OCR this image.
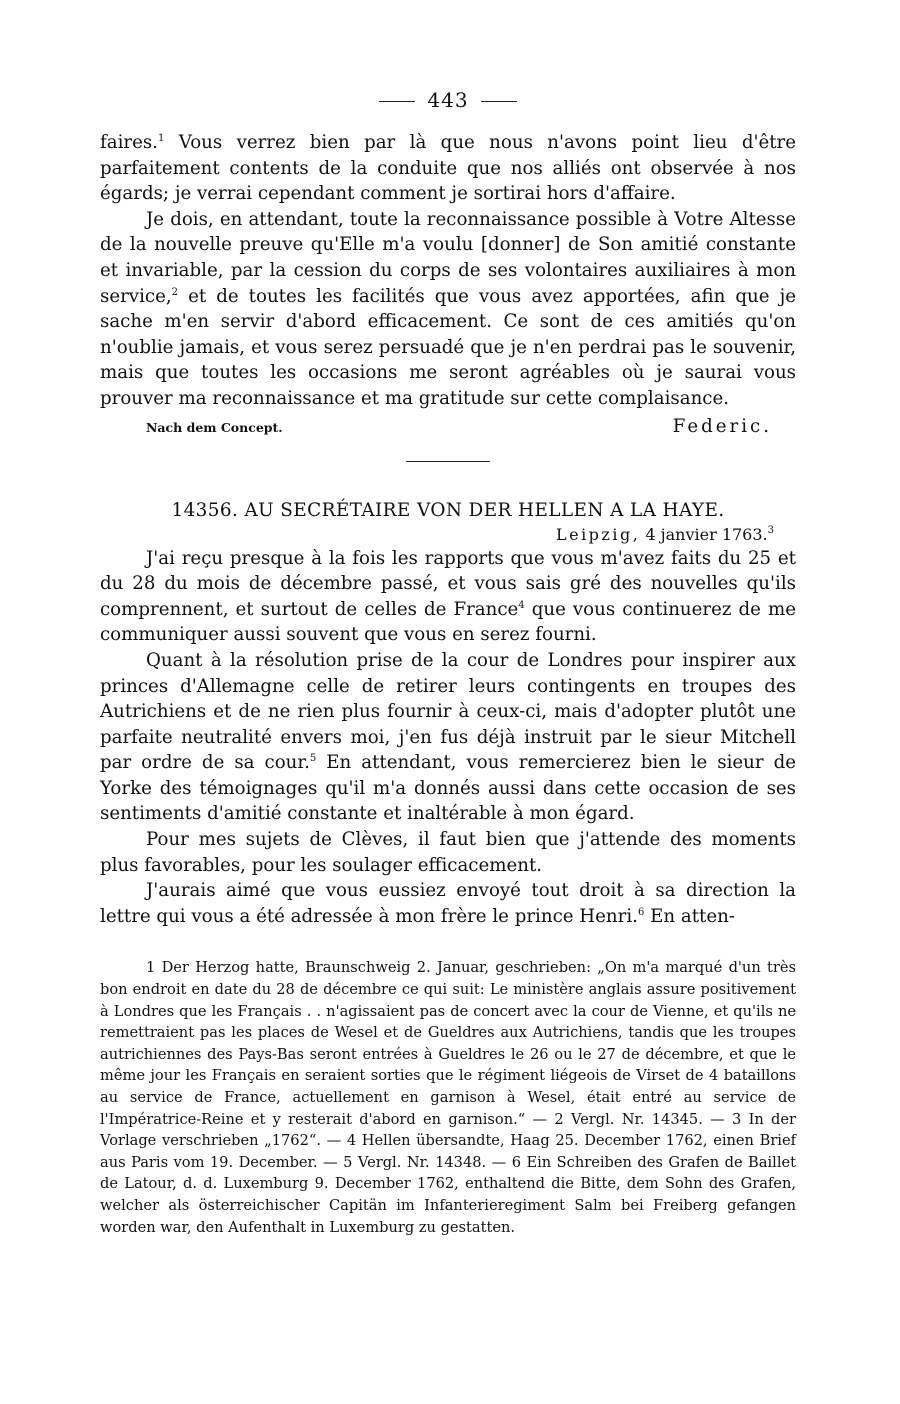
443

faires.$^1$ Vous verrez bien par là que nous n'avons point lieu d'être parfaitement contents de la conduite que nos alliés ont observée à nos égards; je verrai cependant comment je sortirai hors d'affaire.

Je dois, en attendant, toute la reconnaissance possible à Votre Altesse de la nouvelle preuve qu'Elle m'a voulu [donner] de Son amitié constante et invariable, par la cession du corps de ses volontaires auxiliaires à mon service,$^2$ et de toutes les facilités que vous avez apportées, afin que je sache m'en servir d'abord efficacement. Ce sont de ces amitiés qu'on n'oublie jamais, et vous serez persuadé que je n'en perdrai pas le souvenir, mais que toutes les occasions me seront agréables où je saurai vous prouver ma reconnaissance et ma gratitude sur cette complaisance.

Nach dem Concept.	Federic.
14356. AU SECRÉTAIRE VON DER HELLEN A LA HAYE.
Leipzig, 4 janvier 1763.$^3$

J'ai reçu presque à la fois les rapports que vous m'avez faits du 25 et du 28 du mois de décembre passé, et vous sais gré des nouvelles qu'ils comprennent, et surtout de celles de France$^4$ que vous continuerez de me communiquer aussi souvent que vous en serez fourni.

Quant à la résolution prise de la cour de Londres pour inspirer aux princes d'Allemagne celle de retirer leurs contingents en troupes des Autrichiens et de ne rien plus fournir à ceux-ci, mais d'adopter plutôt une parfaite neutralité envers moi, j'en fus déjà instruit par le sieur Mitchell par ordre de sa cour.$^5$ En attendant, vous remercierez bien le sieur de Yorke des témoignages qu'il m'a donnés aussi dans cette occasion de ses sentiments d'amitié constante et inaltérable à mon égard.

Pour mes sujets de Clèves, il faut bien que j'attende des moments plus favorables, pour les soulager efficacement.

J'aurais aimé que vous eussiez envoyé tout droit à sa direction la lettre qui vous a été adressée à mon frère le prince Henri.$^6$ En atten-

1 Der Herzog hatte, Braunschweig 2. Januar, geschrieben: „On m'a marqué d'un très bon endroit en date du 28 de décembre ce qui suit: Le ministère anglais assure positivement à Londres que les Français . . n'agissaient pas de concert avec la cour de Vienne, et qu'ils ne remettraient pas les places de Wesel et de Gueldres aux Autrichiens, tandis que les troupes autrichiennes des Pays-Bas seront entrées à Gueldres le 26 ou le 27 de décembre, et que le même jour les Français en seraient sorties que le régiment liégeois de Virset de 4 bataillons au service de France, actuellement en garnison à Wesel, était entré au service de l'Impératrice-Reine et y resterait d'abord en garnison.“ — 2 Vergl. Nr. 14345. — 3 In der Vorlage verschrieben „1762“. — 4 Hellen übersandte, Haag 25. December 1762, einen Brief aus Paris vom 19. December. — 5 Vergl. Nr. 14348. — 6 Ein Schreiben des Grafen de Baillet de Latour, d. d. Luxemburg 9. December 1762, enthaltend die Bitte, dem Sohn des Grafen, welcher als österreichischer Capitän im Infanterieregiment Salm bei Freiberg gefangen worden war, den Aufenthalt in Luxemburg zu gestatten.
